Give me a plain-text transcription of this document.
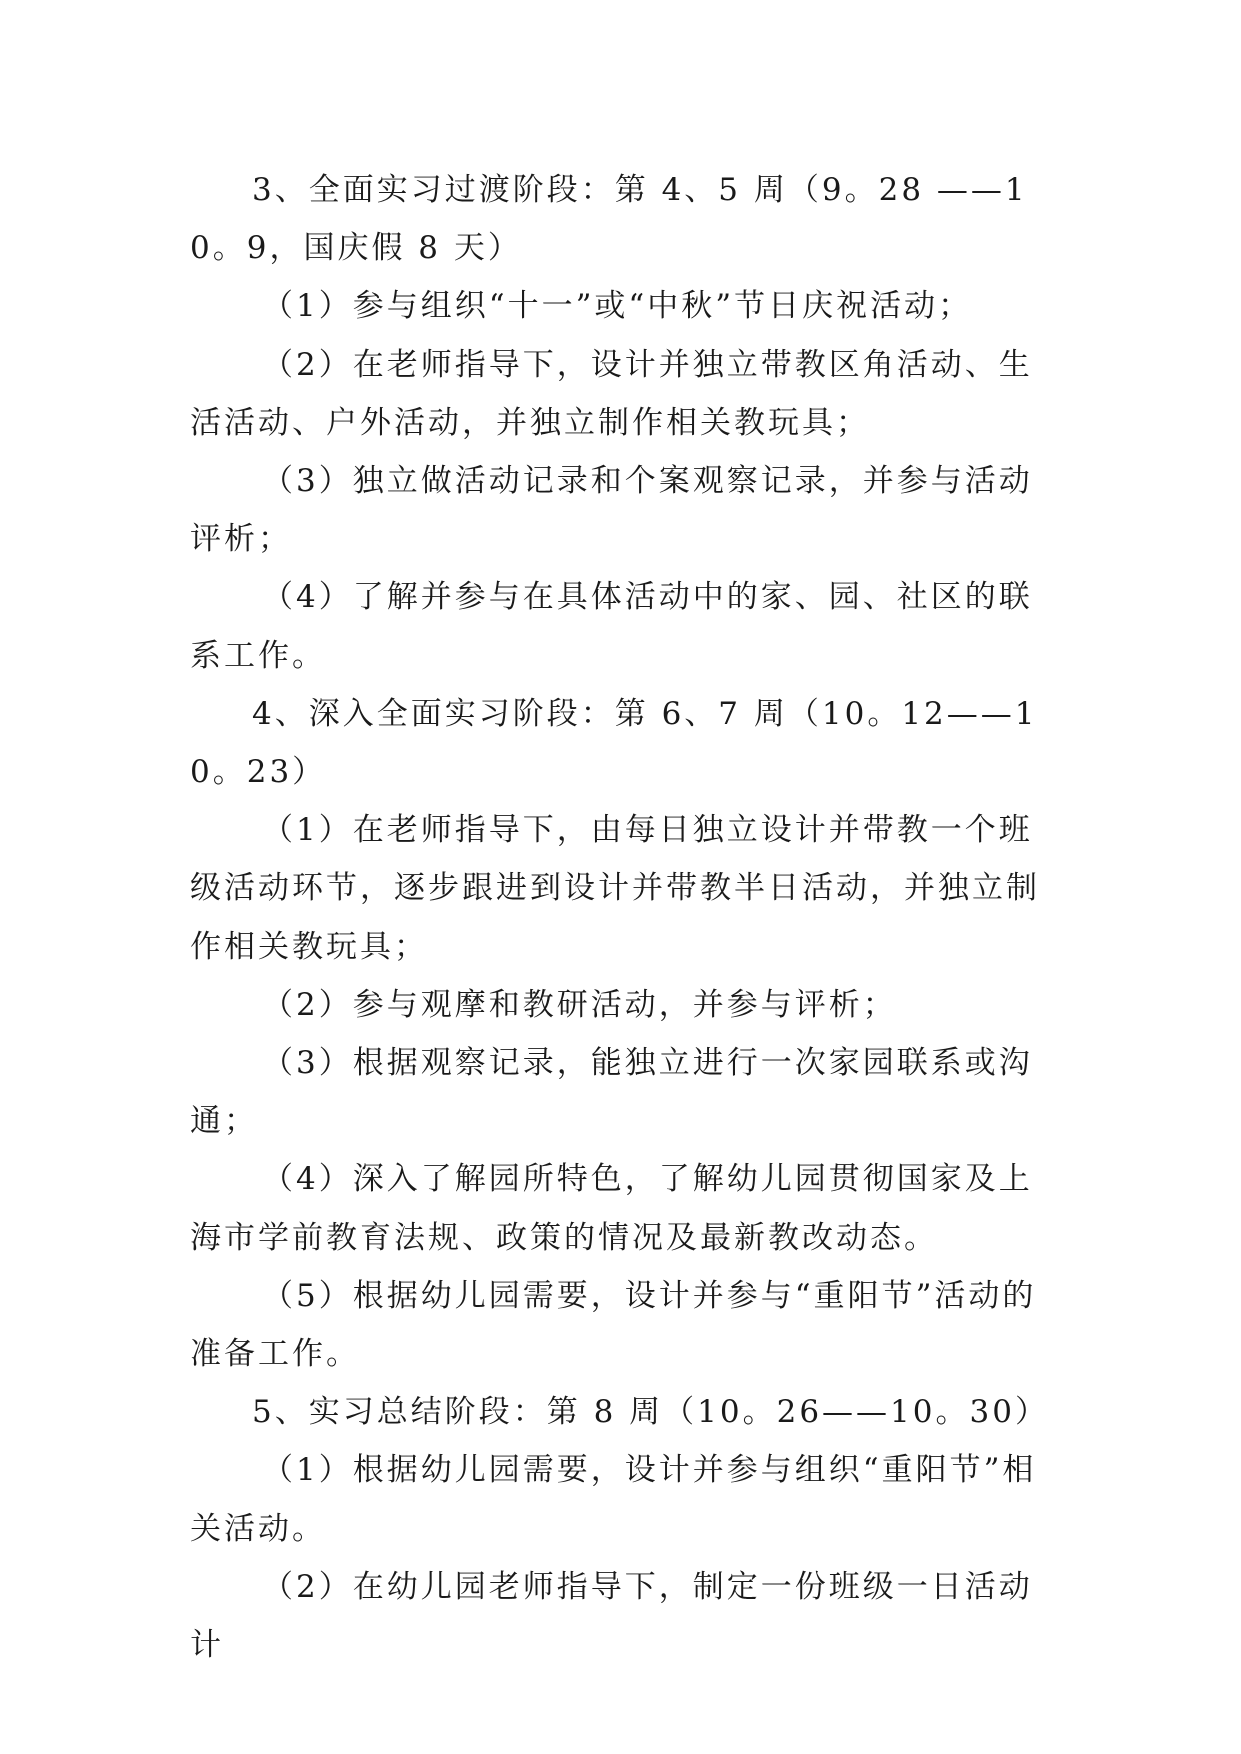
3、全面实习过渡阶段：第 4、5 周（9。28 ——10。9，国庆假 8 天）

（1）参与组织“十一”或“中秋”节日庆祝活动；

（2）在老师指导下，设计并独立带教区角活动、生活活动、户外活动，并独立制作相关教玩具；

（3）独立做活动记录和个案观察记录，并参与活动评析；

（4）了解并参与在具体活动中的家、园、社区的联系工作。

4、深入全面实习阶段：第 6、7 周（10。12——10。23）

（1）在老师指导下，由每日独立设计并带教一个班级活动环节，逐步跟进到设计并带教半日活动，并独立制作相关教玩具；

（2）参与观摩和教研活动，并参与评析；

（3）根据观察记录，能独立进行一次家园联系或沟通；

（4）深入了解园所特色，了解幼儿园贯彻国家及上海市学前教育法规、政策的情况及最新教改动态。

（5）根据幼儿园需要，设计并参与“重阳节”活动的准备工作。

5、实习总结阶段：第 8 周（10。26——10。30）

（1）根据幼儿园需要，设计并参与组织“重阳节”相关活动。

（2）在幼儿园老师指导下，制定一份班级一日活动计
